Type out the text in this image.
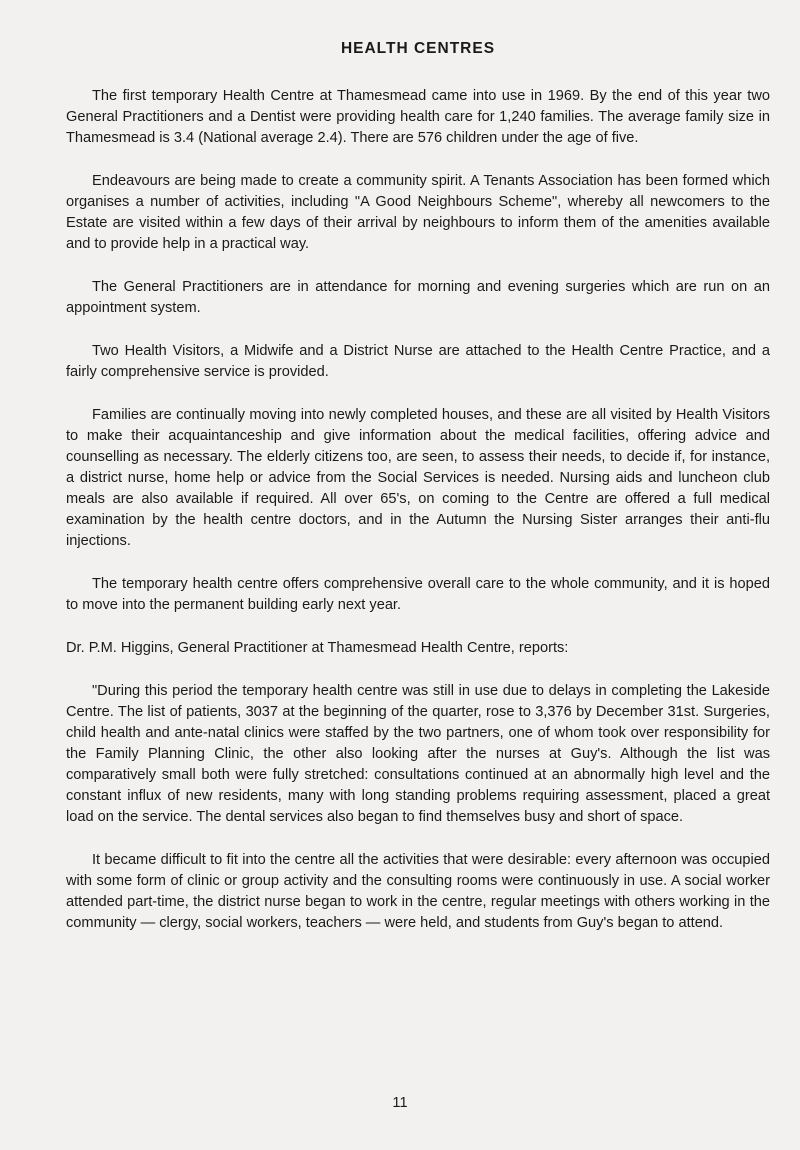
HEALTH CENTRES

The first temporary Health Centre at Thamesmead came into use in 1969. By the end of this year two General Practitioners and a Dentist were providing health care for 1,240 families. The average family size in Thamesmead is 3.4 (National average 2.4). There are 576 children under the age of five.

Endeavours are being made to create a community spirit. A Tenants Association has been formed which organises a number of activities, including "A Good Neighbours Scheme", whereby all newcomers to the Estate are visited within a few days of their arrival by neighbours to inform them of the amenities available and to provide help in a practical way.

The General Practitioners are in attendance for morning and evening surgeries which are run on an appointment system.

Two Health Visitors, a Midwife and a District Nurse are attached to the Health Centre Practice, and a fairly comprehensive service is provided.

Families are continually moving into newly completed houses, and these are all visited by Health Visitors to make their acquaintanceship and give information about the medical facilities, offering advice and counselling as necessary. The elderly citizens too, are seen, to assess their needs, to decide if, for instance, a district nurse, home help or advice from the Social Services is needed. Nursing aids and luncheon club meals are also available if required. All over 65's, on coming to the Centre are offered a full medical examination by the health centre doctors, and in the Autumn the Nursing Sister arranges their anti-flu injections.

The temporary health centre offers comprehensive overall care to the whole community, and it is hoped to move into the permanent building early next year.

Dr. P.M. Higgins, General Practitioner at Thamesmead Health Centre, reports:

"During this period the temporary health centre was still in use due to delays in completing the Lakeside Centre. The list of patients, 3037 at the beginning of the quarter, rose to 3,376 by December 31st. Surgeries, child health and ante-natal clinics were staffed by the two partners, one of whom took over responsibility for the Family Planning Clinic, the other also looking after the nurses at Guy's. Although the list was comparatively small both were fully stretched: consultations continued at an abnormally high level and the constant influx of new residents, many with long standing problems requiring assessment, placed a great load on the service. The dental services also began to find themselves busy and short of space.

It became difficult to fit into the centre all the activities that were desirable: every afternoon was occupied with some form of clinic or group activity and the consulting rooms were continuously in use. A social worker attended part-time, the district nurse began to work in the centre, regular meetings with others working in the community — clergy, social workers, teachers — were held, and students from Guy's began to attend.

11
